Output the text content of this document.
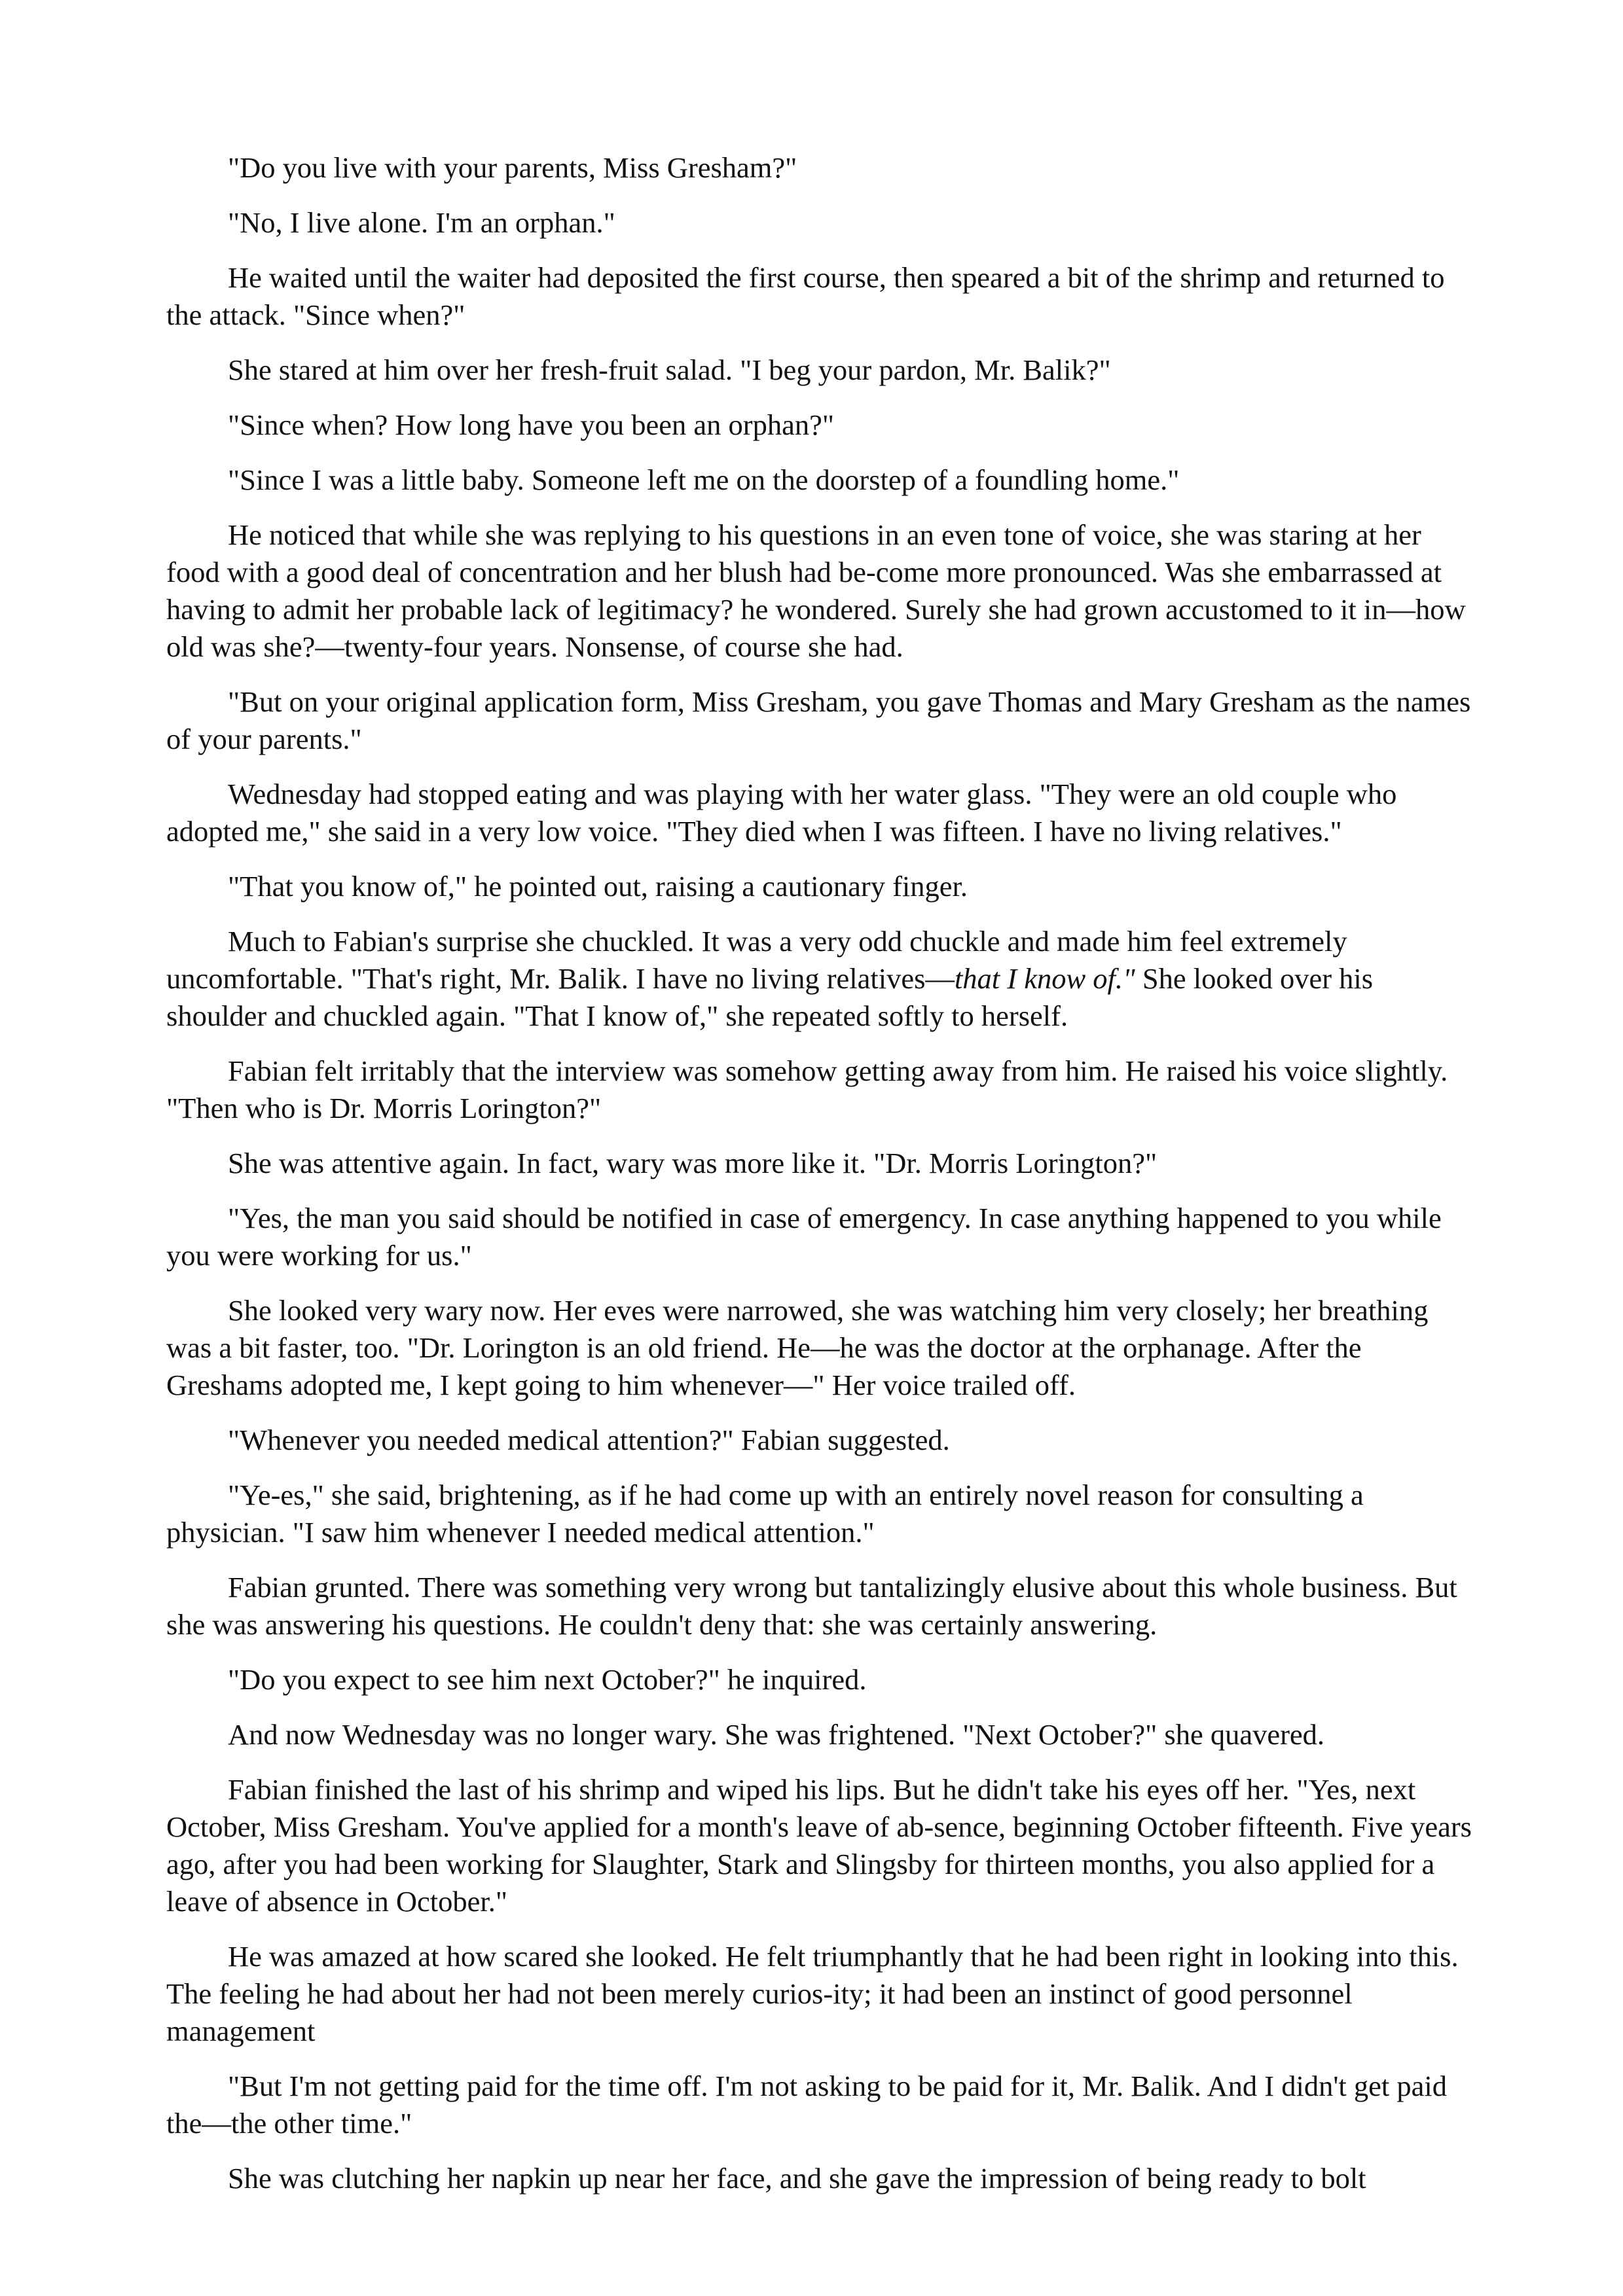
"Do you live with your parents, Miss Gresham?"

"No, I live alone. I'm an orphan."

He waited until the waiter had deposited the first course, then speared a bit of the shrimp and returned to the attack. "Since when?"

She stared at him over her fresh-fruit salad. "I beg your pardon, Mr. Balik?"

"Since when? How long have you been an orphan?"

"Since I was a little baby. Someone left me on the doorstep of a foundling home."

He noticed that while she was replying to his questions in an even tone of voice, she was staring at her food with a good deal of concentration and her blush had be-come more pronounced. Was she embarrassed at having to admit her probable lack of legitimacy? he wondered. Surely she had grown accustomed to it in—how old was she?—twenty-four years. Nonsense, of course she had.

"But on your original application form, Miss Gresham, you gave Thomas and Mary Gresham as the names of your parents."

Wednesday had stopped eating and was playing with her water glass. "They were an old couple who adopted me," she said in a very low voice. "They died when I was fifteen. I have no living relatives."

"That you know of," he pointed out, raising a cautionary finger.

Much to Fabian's surprise she chuckled. It was a very odd chuckle and made him feel extremely uncomfortable. "That's right, Mr. Balik. I have no living relatives—that I know of." She looked over his shoulder and chuckled again. "That I know of," she repeated softly to herself.

Fabian felt irritably that the interview was somehow getting away from him. He raised his voice slightly. "Then who is Dr. Morris Lorington?"

She was attentive again. In fact, wary was more like it. "Dr. Morris Lorington?"

"Yes, the man you said should be notified in case of emergency. In case anything happened to you while you were working for us."

She looked very wary now. Her eves were narrowed, she was watching him very closely; her breathing was a bit faster, too. "Dr. Lorington is an old friend. He—he was the doctor at the orphanage. After the Greshams adopted me, I kept going to him whenever—" Her voice trailed off.

"Whenever you needed medical attention?" Fabian suggested.

"Ye-es," she said, brightening, as if he had come up with an entirely novel reason for consulting a physician. "I saw him whenever I needed medical attention."

Fabian grunted. There was something very wrong but tantalizingly elusive about this whole business. But she was answering his questions. He couldn't deny that: she was certainly answering.

"Do you expect to see him next October?" he inquired.

And now Wednesday was no longer wary. She was frightened. "Next October?" she quavered.

Fabian finished the last of his shrimp and wiped his lips. But he didn't take his eyes off her. "Yes, next October, Miss Gresham. You've applied for a month's leave of ab-sence, beginning October fifteenth. Five years ago, after you had been working for Slaughter, Stark and Slingsby for thirteen months, you also applied for a leave of absence in October."

He was amazed at how scared she looked. He felt triumphantly that he had been right in looking into this. The feeling he had about her had not been merely curios-ity; it had been an instinct of good personnel management

"But I'm not getting paid for the time off. I'm not asking to be paid for it, Mr. Balik. And I didn't get paid the—the other time."

She was clutching her napkin up near her face, and she gave the impression of being ready to bolt
